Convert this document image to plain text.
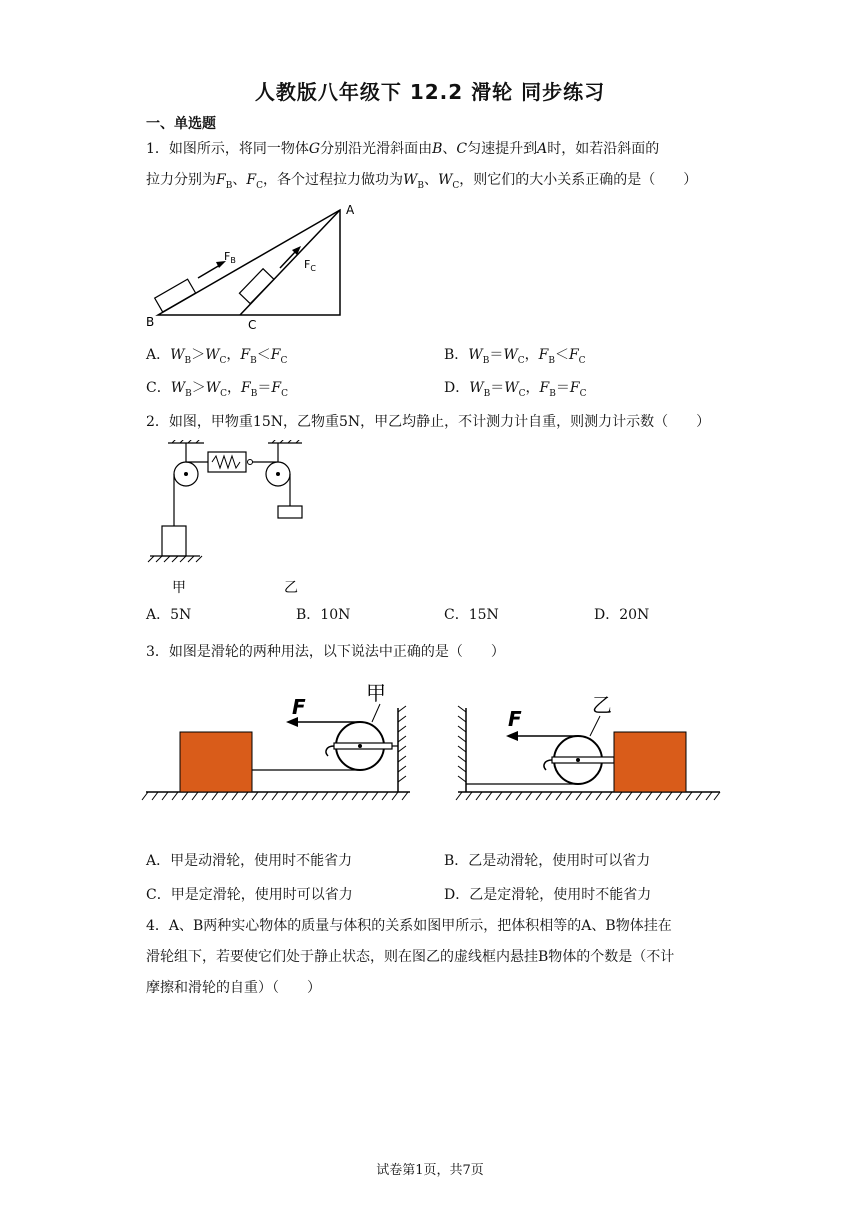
人教版八年级下 12.2 滑轮 同步练习
一、单选题
1．如图所示，将同一物体G分别沿光滑斜面由B、C匀速提升到A时，如若沿斜面的
拉力分别为$F_B$、$F_C$，各个过程拉力做功为$W_B$、$W_C$，则它们的大小关系正确的是（　　）
A
B	C
$F_B$	$F_C$
A．$W_B>W_C$，$F_B<F_C$	B．$W_B=W_C$，$F_B<F_C$
C．$W_B>W_C$，$F_B=F_C$	D．$W_B=W_C$，$F_B=F_C$
2．如图，甲物重15N，乙物重5N，甲乙均静止，不计测力计自重，则测力计示数（　　）
甲	乙
A．5N	B．10N	C．15N	D．20N
3．如图是滑轮的两种用法，以下说法中正确的是（　　）
F
甲
F
乙
A．甲是动滑轮，使用时不能省力	B．乙是动滑轮，使用时可以省力
C．甲是定滑轮，使用时可以省力	D．乙是定滑轮，使用时不能省力
4．A、B两种实心物体的质量与体积的关系如图甲所示，把体积相等的A、B物体挂在
滑轮组下，若要使它们处于静止状态，则在图乙的虚线框内悬挂B物体的个数是（不计
摩擦和滑轮的自重）（　　）
试卷第1页，共7页
